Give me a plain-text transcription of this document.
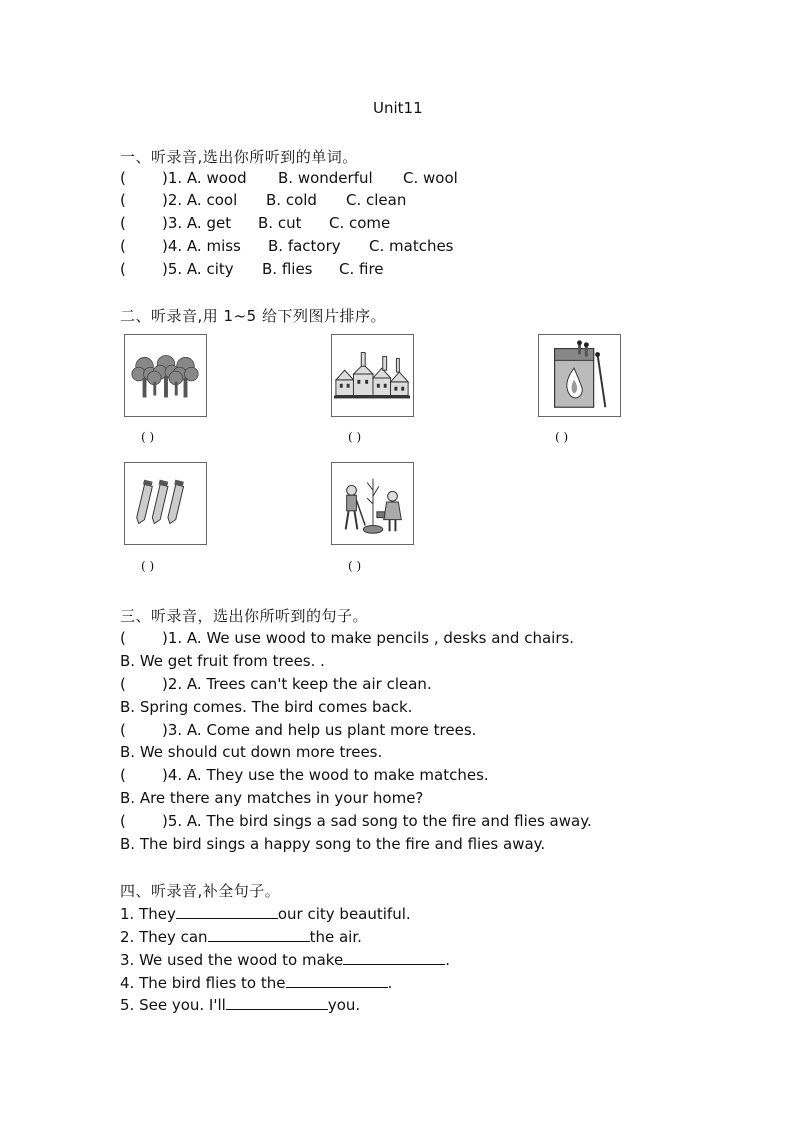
Unit11
一、听录音,选出你所听到的单词。
( )1. A. wood B. wonderful C. wool
( )2. A. cool B. cold C. clean
( )3. A. get B. cut C. come
( )4. A. miss B. factory C. matches
( )5. A. city B. flies C. fire
二、听录音,用 1~5 给下列图片排序。
( )	( )	( )
( )	( )
三、听录音，选出你所听到的句子。
( )1. A. We use wood to make pencils , desks and chairs.
B. We get fruit from trees. .
( )2. A. Trees can't keep the air clean.
B. Spring comes. The bird comes back.
( )3. A. Come and help us plant more trees.
B. We should cut down more trees.
( )4. A. They use the wood to make matches.
B. Are there any matches in your home?
( )5. A. The bird sings a sad song to the fire and flies away.
B. The bird sings a happy song to the fire and flies away.
四、听录音,补全句子。
1. They	our city beautiful.
2. They can	the air.
3. We used the wood to make	.
4. The bird flies to the	.
5. See you. I'll	you.
